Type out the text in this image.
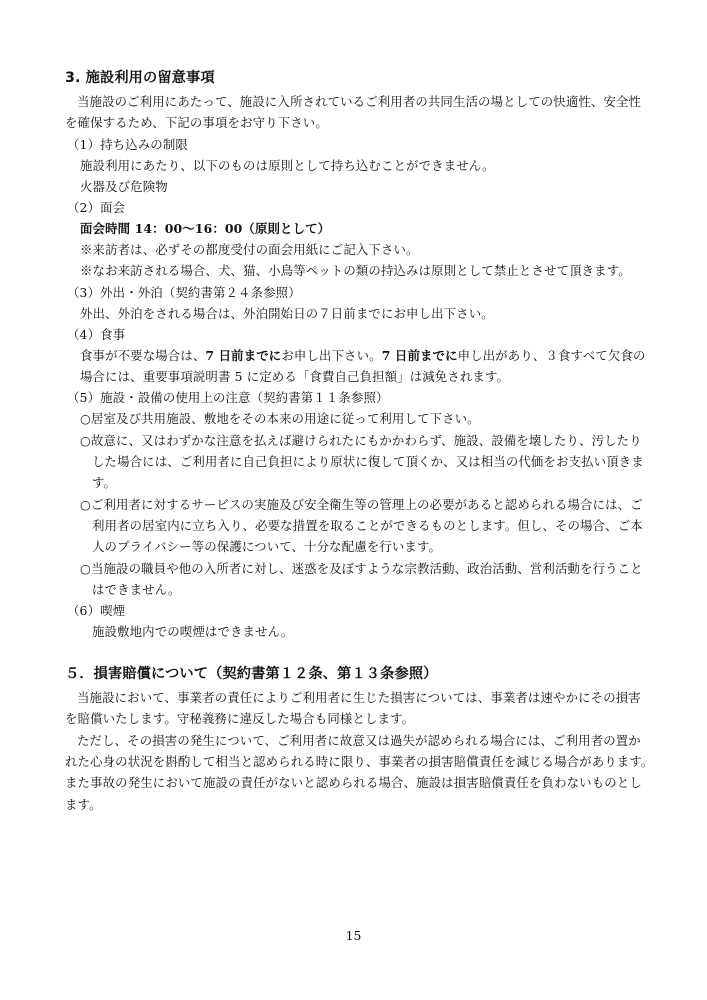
3. 施設利用の留意事項
当施設のご利用にあたって、施設に入所されているご利用者の共同生活の場としての快適性、安全性
を確保するため、下記の事項をお守り下さい。
（1）持ち込みの制限
施設利用にあたり、以下のものは原則として持ち込むことができません。
火器及び危険物
（2）面会
面会時間 14：00～16：00（原則として）
※来訪者は、必ずその都度受付の面会用紙にご記入下さい。
※なお来訪される場合、犬、猫、小鳥等ペットの類の持込みは原則として禁止とさせて頂きます。
（3）外出・外泊（契約書第２４条参照）
外出、外泊をされる場合は、外泊開始日の７日前までにお申し出下さい。
（4）食事
食事が不要な場合は、7 日前までにお申し出下さい。7 日前までに申し出があり、３食すべて欠食の
場合には、重要事項説明書 5 に定める「食費自己負担額」は減免されます。
（5）施設・設備の使用上の注意（契約書第１１条参照）
○居室及び共用施設、敷地をその本来の用途に従って利用して下さい。
○故意に、又はわずかな注意を払えば避けられたにもかかわらず、施設、設備を壊したり、汚したり
した場合には、ご利用者に自己負担により原状に復して頂くか、又は相当の代価をお支払い頂きま
す。
○ご利用者に対するサービスの実施及び安全衛生等の管理上の必要があると認められる場合には、ご
利用者の居室内に立ち入り、必要な措置を取ることができるものとします。但し、その場合、ご本
人のプライバシー等の保護について、十分な配慮を行います。
○当施設の職員や他の入所者に対し、迷惑を及ぼすような宗教活動、政治活動、営利活動を行うこと
はできません。
（6）喫煙
施設敷地内での喫煙はできません。
５．損害賠償について（契約書第１２条、第１３条参照）
当施設において、事業者の責任によりご利用者に生じた損害については、事業者は速やかにその損害
を賠償いたします。守秘義務に違反した場合も同様とします。
ただし、その損害の発生について、ご利用者に故意又は過失が認められる場合には、ご利用者の置か
れた心身の状況を斟酌して相当と認められる時に限り、事業者の損害賠償責任を減じる場合があります。
また事故の発生において施設の責任がないと認められる場合、施設は損害賠償責任を負わないものとし
ます。
15
